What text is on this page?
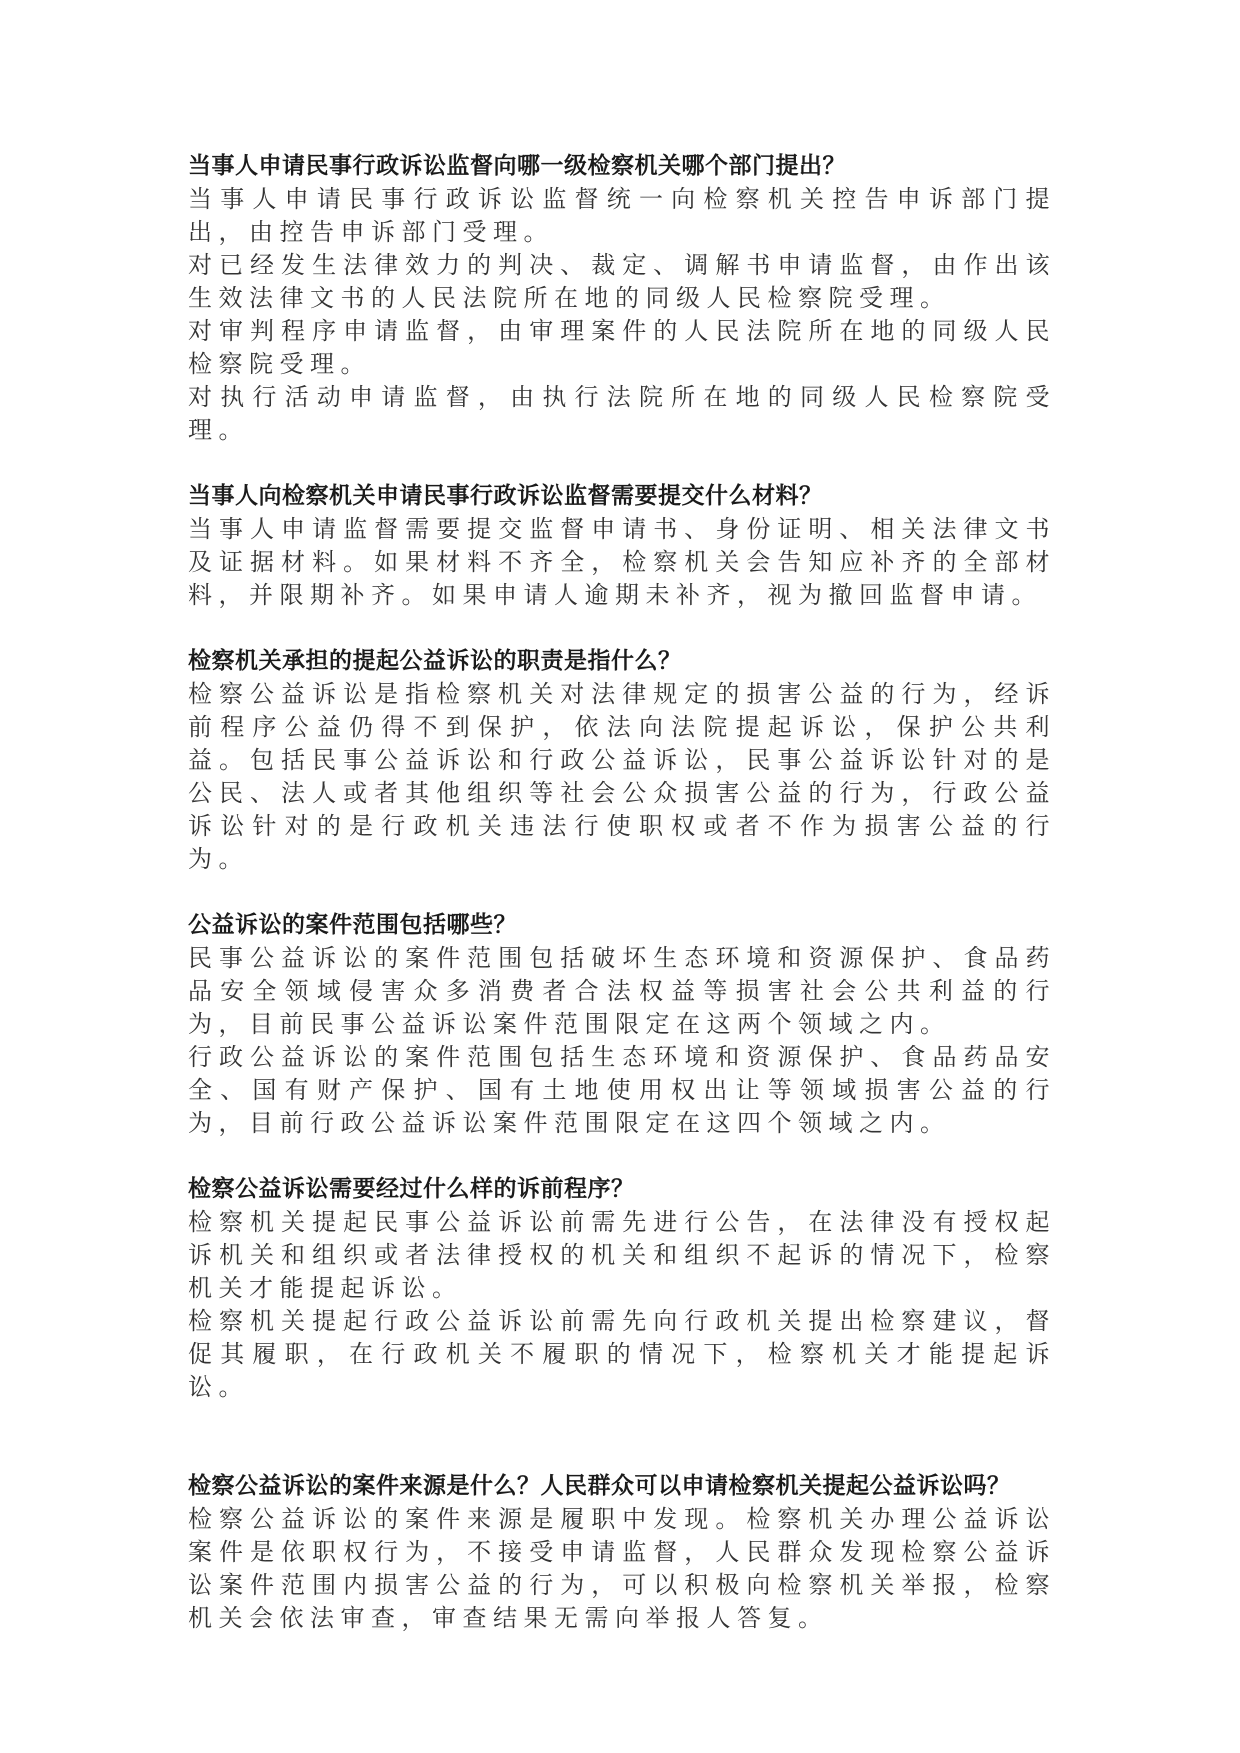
当事人申请民事行政诉讼监督向哪一级检察机关哪个部门提出？

当事人申请民事行政诉讼监督统一向检察机关控告申诉部门提出，由控告申诉部门受理。

对已经发生法律效力的判决、裁定、调解书申请监督，由作出该生效法律文书的人民法院所在地的同级人民检察院受理。

对审判程序申请监督，由审理案件的人民法院所在地的同级人民检察院受理。

对执行活动申请监督，由执行法院所在地的同级人民检察院受理。

当事人向检察机关申请民事行政诉讼监督需要提交什么材料？

当事人申请监督需要提交监督申请书、身份证明、相关法律文书及证据材料。如果材料不齐全，检察机关会告知应补齐的全部材料，并限期补齐。如果申请人逾期未补齐，视为撤回监督申请。

检察机关承担的提起公益诉讼的职责是指什么？

检察公益诉讼是指检察机关对法律规定的损害公益的行为，经诉前程序公益仍得不到保护，依法向法院提起诉讼，保护公共利益。包括民事公益诉讼和行政公益诉讼，民事公益诉讼针对的是公民、法人或者其他组织等社会公众损害公益的行为，行政公益诉讼针对的是行政机关违法行使职权或者不作为损害公益的行为。

公益诉讼的案件范围包括哪些？

民事公益诉讼的案件范围包括破坏生态环境和资源保护、食品药品安全领域侵害众多消费者合法权益等损害社会公共利益的行为，目前民事公益诉讼案件范围限定在这两个领域之内。

行政公益诉讼的案件范围包括生态环境和资源保护、食品药品安全、国有财产保护、国有土地使用权出让等领域损害公益的行为，目前行政公益诉讼案件范围限定在这四个领域之内。

检察公益诉讼需要经过什么样的诉前程序？

检察机关提起民事公益诉讼前需先进行公告，在法律没有授权起诉机关和组织或者法律授权的机关和组织不起诉的情况下，检察机关才能提起诉讼。

检察机关提起行政公益诉讼前需先向行政机关提出检察建议，督促其履职，在行政机关不履职的情况下，检察机关才能提起诉讼。

检察公益诉讼的案件来源是什么？人民群众可以申请检察机关提起公益诉讼吗？

检察公益诉讼的案件来源是履职中发现。检察机关办理公益诉讼案件是依职权行为，不接受申请监督，人民群众发现检察公益诉讼案件范围内损害公益的行为，可以积极向检察机关举报，检察机关会依法审查，审查结果无需向举报人答复。
